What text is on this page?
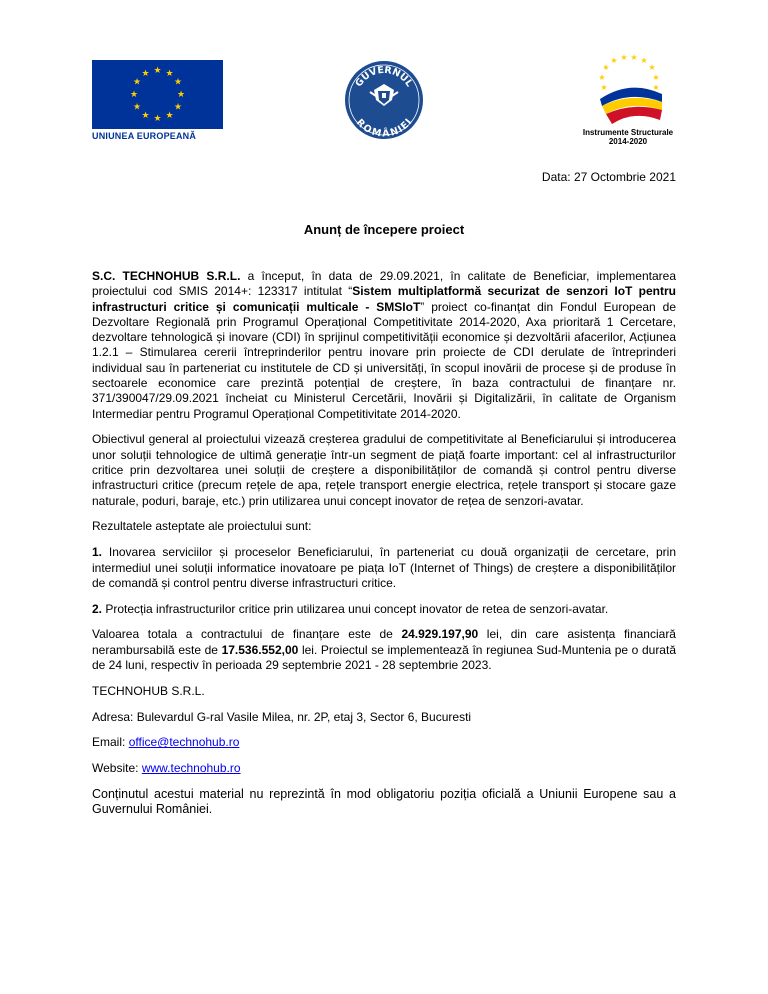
★ ★
★
★
★
★
★
★
★
★
★
★
UNIUNEA EUROPEANĂ
GUVERNUL
ROMÂNIEI
★
★
★
★ ★ ★ ★
★
★
★
Instrumente Structurale
2014-2020
Data: 27 Octombrie 2021
Anunț de începere proiect

S.C. TECHNOHUB S.R.L. a început, în data de 29.09.2021, în calitate de Beneficiar, implementarea proiectului cod SMIS 2014+: 123317 intitulat “Sistem multiplatformă securizat de senzori IoT pentru infrastructuri critice și comunicații multicale - SMSIoT” proiect co-finanțat din Fondul European de Dezvoltare Regională prin Programul Operațional Competitivitate 2014-2020, Axa prioritară 1 Cercetare, dezvoltare tehnologică și inovare (CDI) în sprijinul competitivității economice și dezvoltării afacerilor, Acțiunea 1.2.1 – Stimularea cererii întreprinderilor pentru inovare prin proiecte de CDI derulate de întreprinderi individual sau în parteneriat cu institutele de CD și universități, în scopul inovării de procese și de produse în sectoarele economice care prezintă potențial de creștere, în baza contractului de finanțare nr. 371/390047/29.09.2021 încheiat cu Ministerul Cercetării, Inovării și Digitalizării, în calitate de Organism Intermediar pentru Programul Operațional Competitivitate 2014-2020.

Obiectivul general al proiectului vizează creșterea gradului de competitivitate al Beneficiarului și introducerea unor soluții tehnologice de ultimă generație într-un segment de piață foarte important: cel al infrastructurilor critice prin dezvoltarea unei soluții de creștere a disponibilităților de comandă și control pentru diverse infrastructuri critice (precum rețele de apa, rețele transport energie electrica, rețele transport și stocare gaze naturale, poduri, baraje, etc.) prin utilizarea unui concept inovator de rețea de senzori-avatar.

Rezultatele asteptate ale proiectului sunt:

1. Inovarea serviciilor și proceselor Beneficiarului, în parteneriat cu două organizații de cercetare, prin intermediul unei soluții informatice inovatoare pe piața IoT (Internet of Things) de creștere a disponibilităților de comandă și control pentru diverse infrastructuri critice.

2. Protecția infrastructurilor critice prin utilizarea unui concept inovator de retea de senzori-avatar.

Valoarea totala a contractului de finanțare este de 24.929.197,90 lei, din care asistența financiară nerambursabilă este de 17.536.552,00 lei. Proiectul se implementează în regiunea Sud-Muntenia pe o durată de 24 luni, respectiv în perioada 29 septembrie 2021 - 28 septembrie 2023.

TECHNOHUB S.R.L.

Adresa: Bulevardul G-ral Vasile Milea, nr. 2P, etaj 3, Sector 6, Bucuresti

Email: office@technohub.ro

Website: www.technohub.ro

Conținutul acestui material nu reprezintă în mod obligatoriu poziția oficială a Uniunii Europene sau a Guvernului României.
